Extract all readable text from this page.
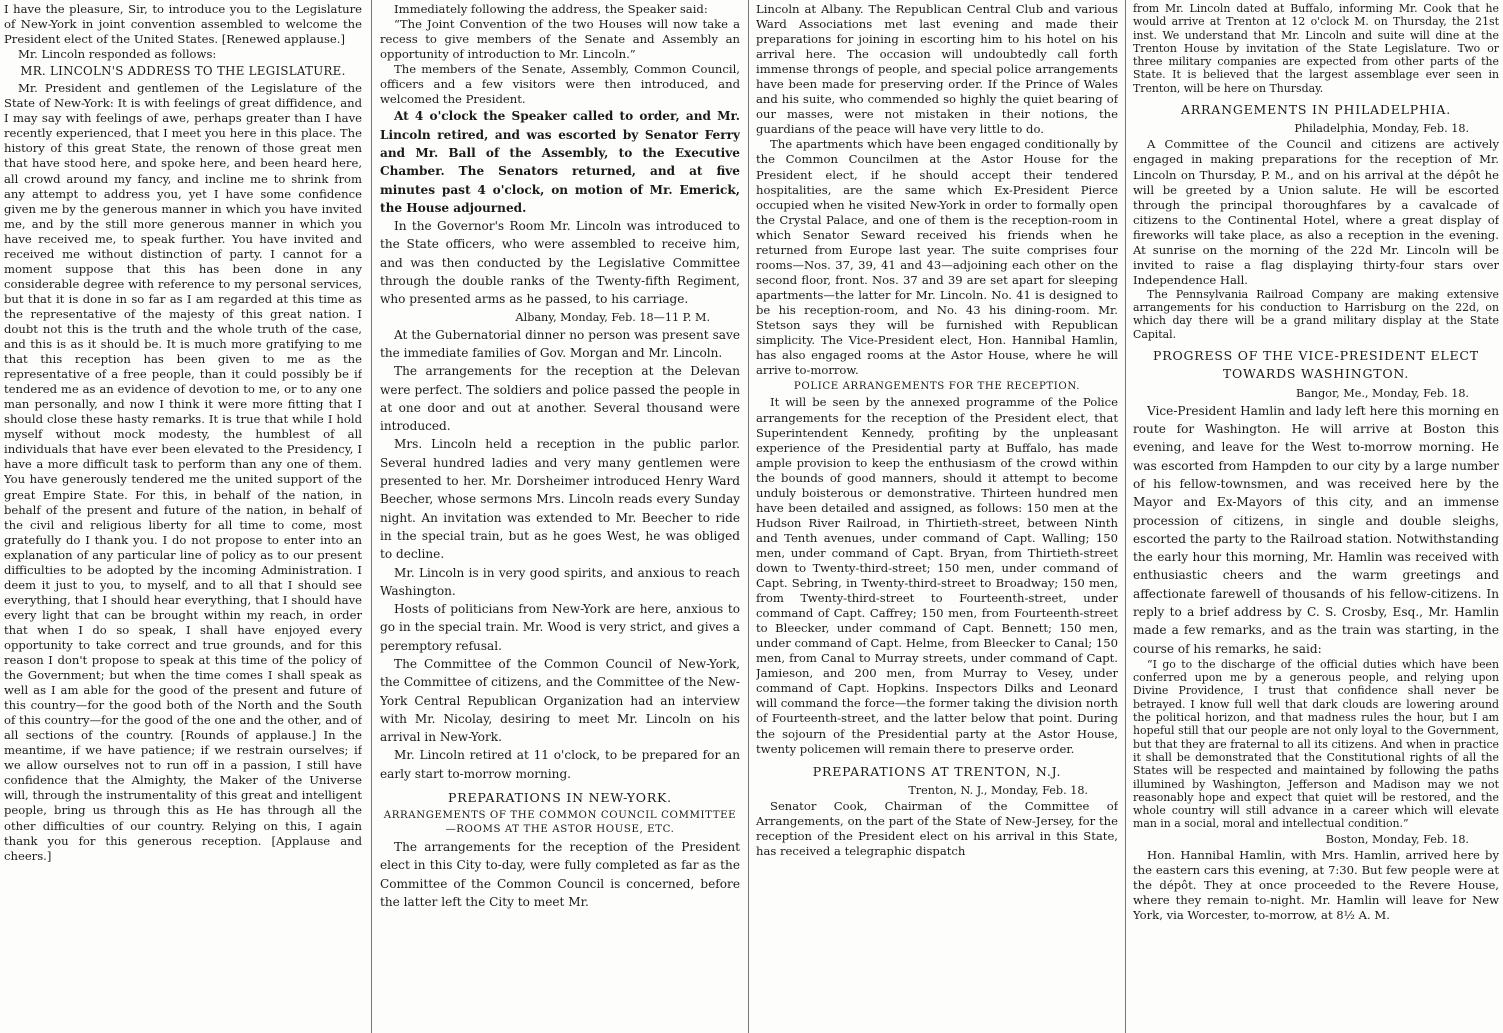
I have the pleasure, Sir, to introduce you to the Legislature of New-York in joint convention assembled to welcome the President elect of the United States. [Renewed applause.]

Mr. Lincoln responded as follows:

MR. LINCOLN'S ADDRESS TO THE LEGISLATURE.

Mr. President and gentlemen of the Legislature of the State of New-York: It is with feelings of great diffidence, and I may say with feelings of awe, perhaps greater than I have recently experienced, that I meet you here in this place. The history of this great State, the renown of those great men that have stood here, and spoke here, and been heard here, all crowd around my fancy, and incline me to shrink from any attempt to address you, yet I have some confidence given me by the generous manner in which you have invited me, and by the still more generous manner in which you have received me, to speak further. You have invited and received me without distinction of party. I cannot for a moment suppose that this has been done in any considerable degree with reference to my personal services, but that it is done in so far as I am regarded at this time as the representative of the majesty of this great nation. I doubt not this is the truth and the whole truth of the case, and this is as it should be. It is much more gratifying to me that this reception has been given to me as the representative of a free people, than it could possibly be if tendered me as an evidence of devotion to me, or to any one man personally, and now I think it were more fitting that I should close these hasty remarks. It is true that while I hold myself without mock modesty, the humblest of all individuals that have ever been elevated to the Presidency, I have a more difficult task to perform than any one of them. You have generously tendered me the united support of the great Empire State. For this, in behalf of the nation, in behalf of the present and future of the nation, in behalf of the civil and religious liberty for all time to come, most gratefully do I thank you. I do not propose to enter into an explanation of any particular line of policy as to our present difficulties to be adopted by the incoming Administration. I deem it just to you, to myself, and to all that I should see everything, that I should hear everything, that I should have every light that can be brought within my reach, in order that when I do so speak, I shall have enjoyed every opportunity to take correct and true grounds, and for this reason I don't propose to speak at this time of the policy of the Government; but when the time comes I shall speak as well as I am able for the good of the present and future of this country—for the good both of the North and the South of this country—for the good of the one and the other, and of all sections of the country. [Rounds of applause.] In the meantime, if we have patience; if we restrain ourselves; if we allow ourselves not to run off in a passion, I still have confidence that the Almighty, the Maker of the Universe will, through the instrumentality of this great and intelligent people, bring us through this as He has through all the other difficulties of our country. Relying on this, I again thank you for this generous reception. [Applause and cheers.]

Immediately following the address, the Speaker said:

“The Joint Convention of the two Houses will now take a recess to give members of the Senate and Assembly an opportunity of introduction to Mr. Lincoln.”

The members of the Senate, Assembly, Common Council, officers and a few visitors were then introduced, and welcomed the President.

At 4 o'clock the Speaker called to order, and Mr. Lincoln retired, and was escorted by Senator Ferry and Mr. Ball of the Assembly, to the Executive Chamber. The Senators returned, and at five minutes past 4 o'clock, on motion of Mr. Emerick, the House adjourned.

In the Governor's Room Mr. Lincoln was introduced to the State officers, who were assembled to receive him, and was then conducted by the Legislative Committee through the double ranks of the Twenty-fifth Regiment, who presented arms as he passed, to his carriage.

Albany, Monday, Feb. 18—11 P. M.

At the Gubernatorial dinner no person was present save the immediate families of Gov. Morgan and Mr. Lincoln.

The arrangements for the reception at the Delevan were perfect. The soldiers and police passed the people in at one door and out at another. Several thousand were introduced.

Mrs. Lincoln held a reception in the public parlor. Several hundred ladies and very many gentlemen were presented to her. Mr. Dorsheimer introduced Henry Ward Beecher, whose sermons Mrs. Lincoln reads every Sunday night. An invitation was extended to Mr. Beecher to ride in the special train, but as he goes West, he was obliged to decline.

Mr. Lincoln is in very good spirits, and anxious to reach Washington.

Hosts of politicians from New-York are here, anxious to go in the special train. Mr. Wood is very strict, and gives a peremptory refusal.

The Committee of the Common Council of New-York, the Committee of citizens, and the Committee of the New-York Central Republican Organization had an interview with Mr. Nicolay, desiring to meet Mr. Lincoln on his arrival in New-York.

Mr. Lincoln retired at 11 o'clock, to be prepared for an early start to-morrow morning.

PREPARATIONS IN NEW-YORK.

ARRANGEMENTS OF THE COMMON COUNCIL COMMITTEE—ROOMS AT THE ASTOR HOUSE, ETC.

The arrangements for the reception of the President elect in this City to-day, were fully completed as far as the Committee of the Common Council is concerned, before the latter left the City to meet Mr.

Lincoln at Albany. The Republican Central Club and various Ward Associations met last evening and made their preparations for joining in escorting him to his hotel on his arrival here. The occasion will undoubtedly call forth immense throngs of people, and special police arrangements have been made for preserving order. If the Prince of Wales and his suite, who commended so highly the quiet bearing of our masses, were not mistaken in their notions, the guardians of the peace will have very little to do.

The apartments which have been engaged conditionally by the Common Councilmen at the Astor House for the President elect, if he should accept their tendered hospitalities, are the same which Ex-President Pierce occupied when he visited New-York in order to formally open the Crystal Palace, and one of them is the reception-room in which Senator Seward received his friends when he returned from Europe last year. The suite comprises four rooms—Nos. 37, 39, 41 and 43—adjoining each other on the second floor, front. Nos. 37 and 39 are set apart for sleeping apartments—the latter for Mr. Lincoln. No. 41 is designed to be his reception-room, and No. 43 his dining-room. Mr. Stetson says they will be furnished with Republican simplicity. The Vice-President elect, Hon. Hannibal Hamlin, has also engaged rooms at the Astor House, where he will arrive to-morrow.

POLICE ARRANGEMENTS FOR THE RECEPTION.

It will be seen by the annexed programme of the Police arrangements for the reception of the President elect, that Superintendent Kennedy, profiting by the unpleasant experience of the Presidential party at Buffalo, has made ample provision to keep the enthusiasm of the crowd within the bounds of good manners, should it attempt to become unduly boisterous or demonstrative. Thirteen hundred men have been detailed and assigned, as follows: 150 men at the Hudson River Railroad, in Thirtieth-street, between Ninth and Tenth avenues, under command of Capt. Walling; 150 men, under command of Capt. Bryan, from Thirtieth-street down to Twenty-third-street; 150 men, under command of Capt. Sebring, in Twenty-third-street to Broadway; 150 men, from Twenty-third-street to Fourteenth-street, under command of Capt. Caffrey; 150 men, from Fourteenth-street to Bleecker, under command of Capt. Bennett; 150 men, under command of Capt. Helme, from Bleecker to Canal; 150 men, from Canal to Murray streets, under command of Capt. Jamieson, and 200 men, from Murray to Vesey, under command of Capt. Hopkins. Inspectors Dilks and Leonard will command the force—the former taking the division north of Fourteenth-street, and the latter below that point. During the sojourn of the Presidential party at the Astor House, twenty policemen will remain there to preserve order.

PREPARATIONS AT TRENTON, N.J.

Trenton, N. J., Monday, Feb. 18.

Senator Cook, Chairman of the Committee of Arrangements, on the part of the State of New-Jersey, for the reception of the President elect on his arrival in this State, has received a telegraphic dispatch

from Mr. Lincoln dated at Buffalo, informing Mr. Cook that he would arrive at Trenton at 12 o'clock M. on Thursday, the 21st inst. We understand that Mr. Lincoln and suite will dine at the Trenton House by invitation of the State Legislature. Two or three military companies are expected from other parts of the State. It is believed that the largest assemblage ever seen in Trenton, will be here on Thursday.

ARRANGEMENTS IN PHILADELPHIA.

Philadelphia, Monday, Feb. 18.

A Committee of the Council and citizens are actively engaged in making preparations for the reception of Mr. Lincoln on Thursday, P. M., and on his arrival at the dépôt he will be greeted by a Union salute. He will be escorted through the principal thoroughfares by a cavalcade of citizens to the Continental Hotel, where a great display of fireworks will take place, as also a reception in the evening. At sunrise on the morning of the 22d Mr. Lincoln will be invited to raise a flag displaying thirty-four stars over Independence Hall.

The Pennsylvania Railroad Company are making extensive arrangements for his conduction to Harrisburg on the 22d, on which day there will be a grand military display at the State Capital.

PROGRESS OF THE VICE-PRESIDENT ELECT TOWARDS WASHINGTON.

Bangor, Me., Monday, Feb. 18.

Vice-President Hamlin and lady left here this morning en route for Washington. He will arrive at Boston this evening, and leave for the West to-morrow morning. He was escorted from Hampden to our city by a large number of his fellow-townsmen, and was received here by the Mayor and Ex-Mayors of this city, and an immense procession of citizens, in single and double sleighs, escorted the party to the Railroad station. Notwithstanding the early hour this morning, Mr. Hamlin was received with enthusiastic cheers and the warm greetings and affectionate farewell of thousands of his fellow-citizens. In reply to a brief address by C. S. Crosby, Esq., Mr. Hamlin made a few remarks, and as the train was starting, in the course of his remarks, he said:

“I go to the discharge of the official duties which have been conferred upon me by a generous people, and relying upon Divine Providence, I trust that confidence shall never be betrayed. I know full well that dark clouds are lowering around the political horizon, and that madness rules the hour, but I am hopeful still that our people are not only loyal to the Government, but that they are fraternal to all its citizens. And when in practice it shall be demonstrated that the Constitutional rights of all the States will be respected and maintained by following the paths illumined by Washington, Jefferson and Madison may we not reasonably hope and expect that quiet will be restored, and the whole country will still advance in a career which will elevate man in a social, moral and intellectual condition.”

Boston, Monday, Feb. 18.

Hon. Hannibal Hamlin, with Mrs. Hamlin, arrived here by the eastern cars this evening, at 7:30. But few people were at the dépôt. They at once proceeded to the Revere House, where they remain to-night. Mr. Hamlin will leave for New York, via Worcester, to-morrow, at 8½ A. M.
